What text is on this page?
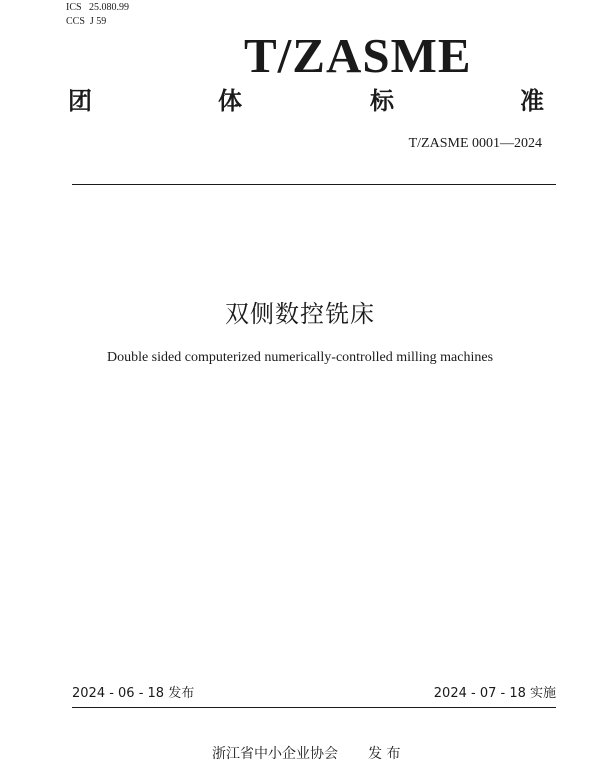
ICS   25.080.99
CCS  J 59
T/ZASME
团	体	标	准
T/ZASME 0001—2024
双侧数控铣床
Double sided computerized numerically-controlled milling machines
2024 - 06 - 18 发布	2024 - 07 - 18 实施
浙江省中小企业协会 发 布
